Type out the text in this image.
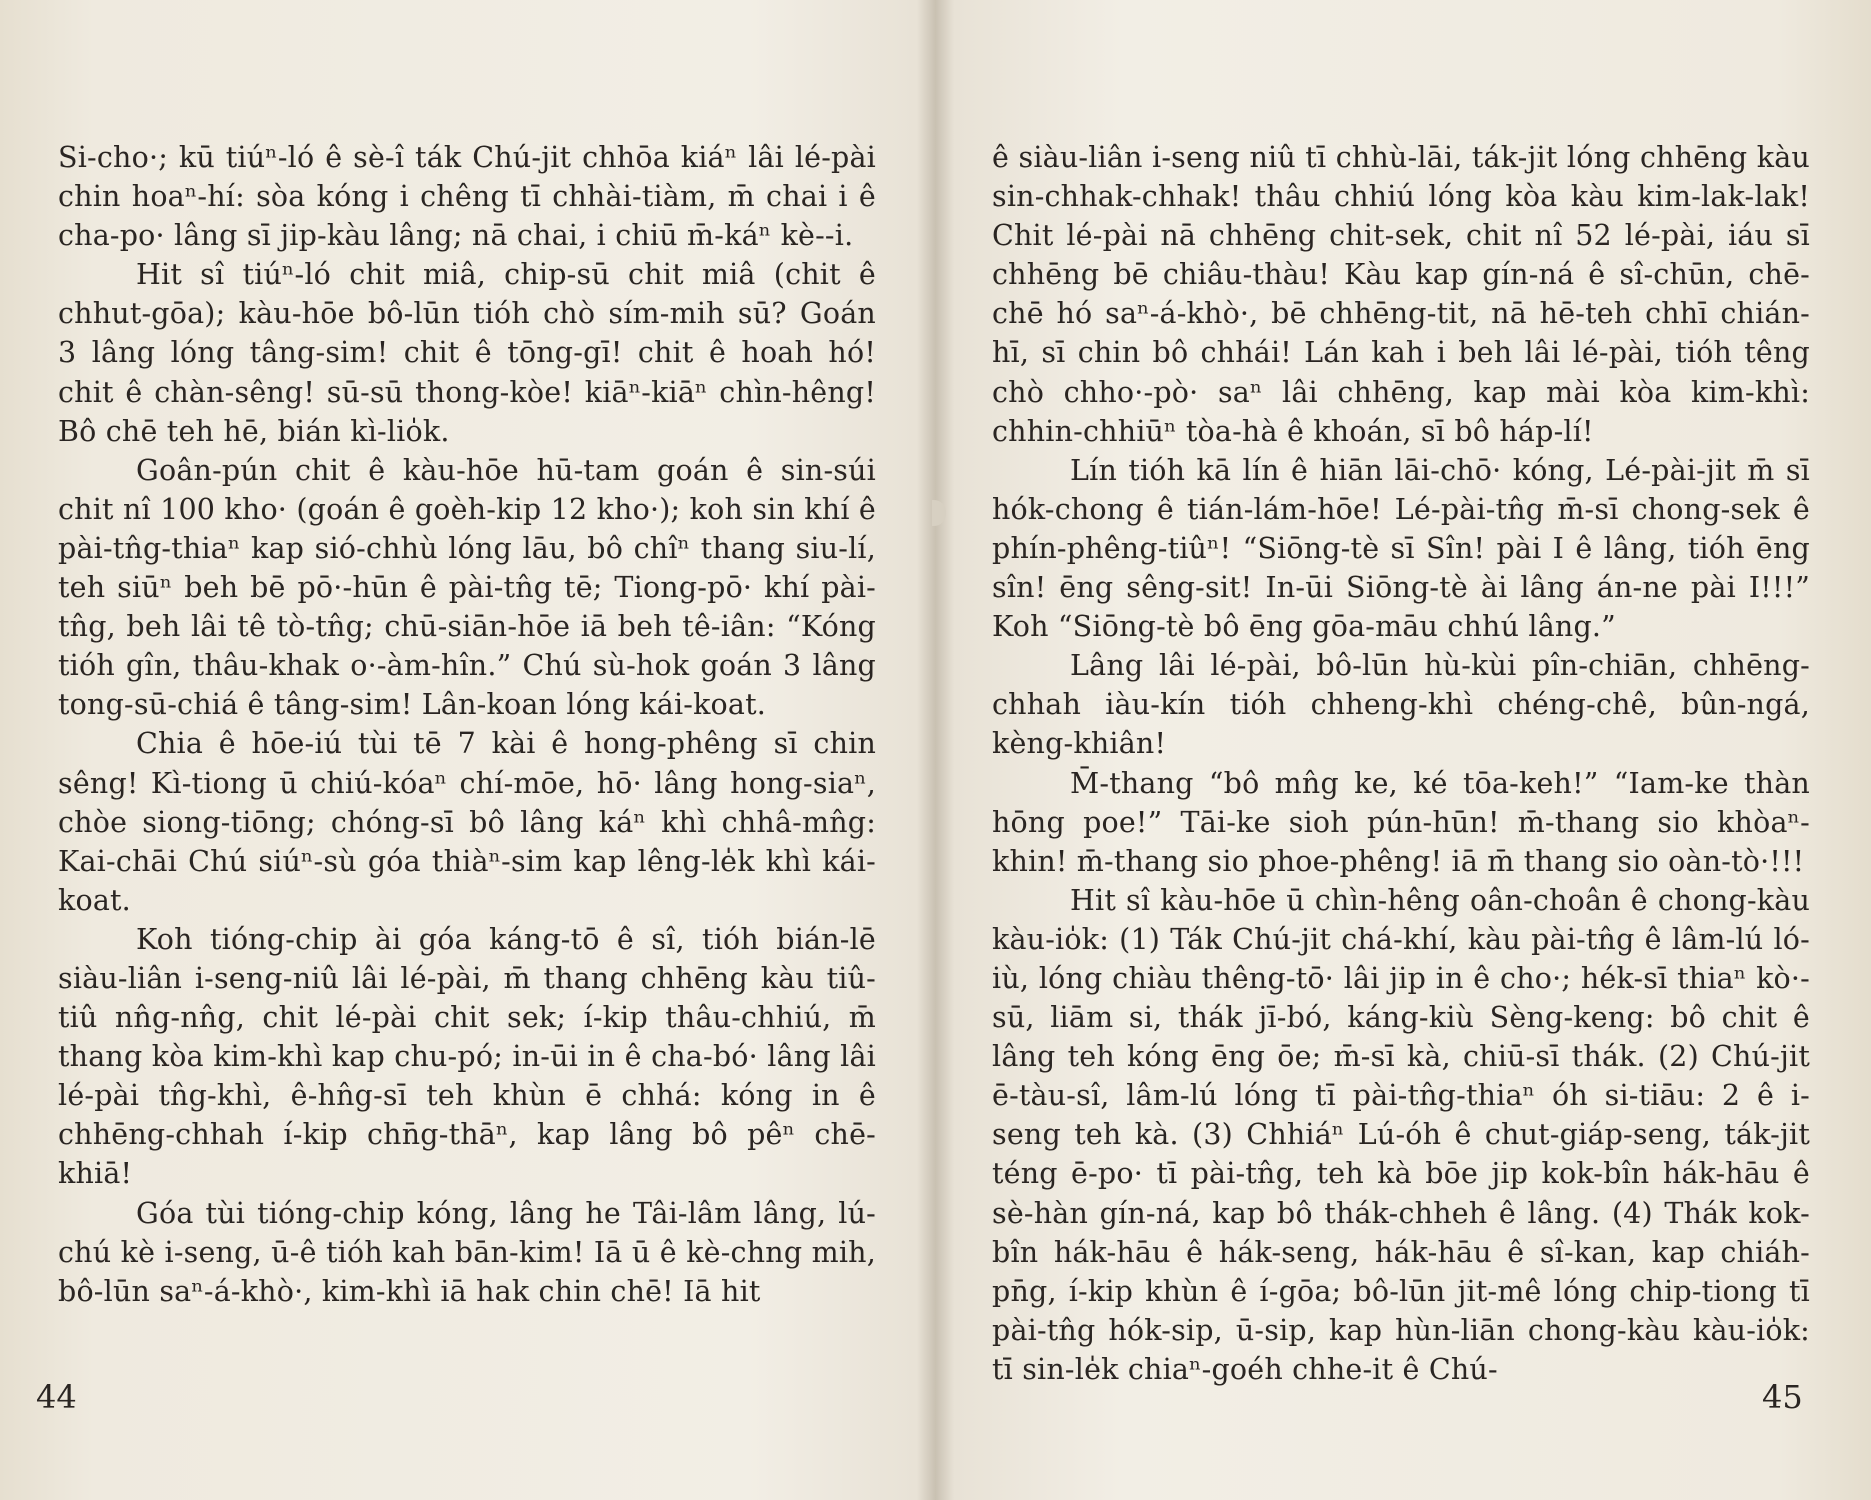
Si-cho·; kū tiúⁿ-ló ê sè-î ták Chú-jit chhōa kiáⁿ lâi lé-pài chin hoaⁿ-hí: sòa kóng i chêng tī chhài-tiàm, m̄ chai i ê cha-po· lâng sī jip-kàu lâng; nā chai, i chiū m̄-káⁿ kè--i.

Hit sî tiúⁿ-ló chit miâ, chip-sū chit miâ (chit ê chhut-gōa); kàu-hōe bô-lūn tióh chò sím-mih sū? Goán 3 lâng lóng tâng-sim! chit ê tōng-gī! chit ê hoah hó! chit ê chàn-sêng! sū-sū thong-kòe! kiāⁿ-kiāⁿ chìn-hêng! Bô chē teh hē, bián kì-lio̍k.

Goân-pún chit ê kàu-hōe hū-tam goán ê sin-súi chit nî 100 kho· (goán ê goèh-kip 12 kho·); koh sin khí ê pài-tn̂g-thiaⁿ kap sió-chhù lóng lāu, bô chîⁿ thang siu-lí, teh siūⁿ beh bē pō·-hūn ê pài-tn̂g tē; Tiong-pō· khí pài-tn̂g, beh lâi tê tò-tn̂g; chū-siān-hōe iā beh tê-iân: “Kóng tióh gîn, thâu-khak o·-àm-hîn.” Chú sù-hok goán 3 lâng tong-sū-chiá ê tâng-sim! Lân-koan lóng kái-koat.

Chia ê hōe-iú tùi tē 7 kài ê hong-phêng sī chin sêng! Kì-tiong ū chiú-kóaⁿ chí-mōe, hō· lâng hong-siaⁿ, chòe siong-tiōng; chóng-sī bô lâng káⁿ khì chhâ-mn̂g: Kai-chāi Chú siúⁿ-sù góa thiàⁿ-sim kap lêng-le̍k khì kái-koat.

Koh tióng-chip ài góa káng-tō ê sî, tióh bián-lē siàu-liân i-seng-niû lâi lé-pài, m̄ thang chhēng kàu tiû-tiû nn̂g-nn̂g, chit lé-pài chit sek; í-kip thâu-chhiú, m̄ thang kòa kim-khì kap chu-pó; in-ūi in ê cha-bó· lâng lâi lé-pài tn̂g-khì, ê-hn̂g-sī teh khùn ē chhá: kóng in ê chhēng-chhah í-kip chn̄g-thāⁿ, kap lâng bô pêⁿ chē-khiā!

Góa tùi tióng-chip kóng, lâng he Tâi-lâm lâng, lú-chú kè i-seng, ū-ê tióh kah bān-kim! Iā ū ê kè-chng mih, bô-lūn saⁿ-á-khò·, kim-khì iā hak chin chē! Iā hit

44

ê siàu-liân i-seng niû tī chhù-lāi, ták-jit lóng chhēng kàu sin-chhak-chhak! thâu chhiú lóng kòa kàu kim-lak-lak! Chit lé-pài nā chhēng chit-sek, chit nî 52 lé-pài, iáu sī chhēng bē chiâu-thàu! Kàu kap gín-ná ê sî-chūn, chē-chē hó saⁿ-á-khò·, bē chhēng-tit, nā hē-teh chhī chián-hī, sī chin bô chhái! Lán kah i beh lâi lé-pài, tióh têng chò chho·-pò· saⁿ lâi chhēng, kap mài kòa kim-khì: chhin-chhiūⁿ tòa-hà ê khoán, sī bô háp-lí!

Lín tióh kā lín ê hiān lāi-chō· kóng, Lé-pài-jit m̄ sī hók-chong ê tián-lám-hōe! Lé-pài-tn̂g m̄-sī chong-sek ê phín-phêng-tiûⁿ! “Siōng-tè sī Sîn! pài I ê lâng, tióh ēng sîn! ēng sêng-sit! In-ūi Siōng-tè ài lâng án-ne pài I!!!” Koh “Siōng-tè bô ēng gōa-māu chhú lâng.”

Lâng lâi lé-pài, bô-lūn hù-kùi pîn-chiān, chhēng-chhah iàu-kín tióh chheng-khì chéng-chê, bûn-ngá, kèng-khiân!

M̄-thang “bô mn̂g ke, ké tōa-keh!” “Iam-ke thàn hōng poe!” Tāi-ke sioh pún-hūn! m̄-thang sio khòaⁿ-khin! m̄-thang sio phoe-phêng! iā m̄ thang sio oàn-tò·!!!

Hit sî kàu-hōe ū chìn-hêng oân-choân ê chong-kàu kàu-io̍k: (1) Ták Chú-jit chá-khí, kàu pài-tn̂g ê lâm-lú ló-iù, lóng chiàu thêng-tō· lâi jip in ê cho·; hék-sī thiaⁿ kò·-sū, liām si, thák jī-bó, káng-kiù Sèng-keng: bô chit ê lâng teh kóng ēng ōe; m̄-sī kà, chiū-sī thák. (2) Chú-jit ē-tàu-sî, lâm-lú lóng tī pài-tn̂g-thiaⁿ óh si-tiāu: 2 ê i-seng teh kà. (3) Chhiáⁿ Lú-óh ê chut-giáp-seng, ták-jit téng ē-po· tī pài-tn̂g, teh kà bōe jip kok-bîn hák-hāu ê sè-hàn gín-ná, kap bô thák-chheh ê lâng. (4) Thák kok-bîn hák-hāu ê hák-seng, hák-hāu ê sî-kan, kap chiáh-pn̄g, í-kip khùn ê í-gōa; bô-lūn jit-mê lóng chip-tiong tī pài-tn̂g hók-sip, ū-sip, kap hùn-liān chong-kàu kàu-io̍k: tī sin-le̍k chiaⁿ-goéh chhe-it ê Chú-

45
